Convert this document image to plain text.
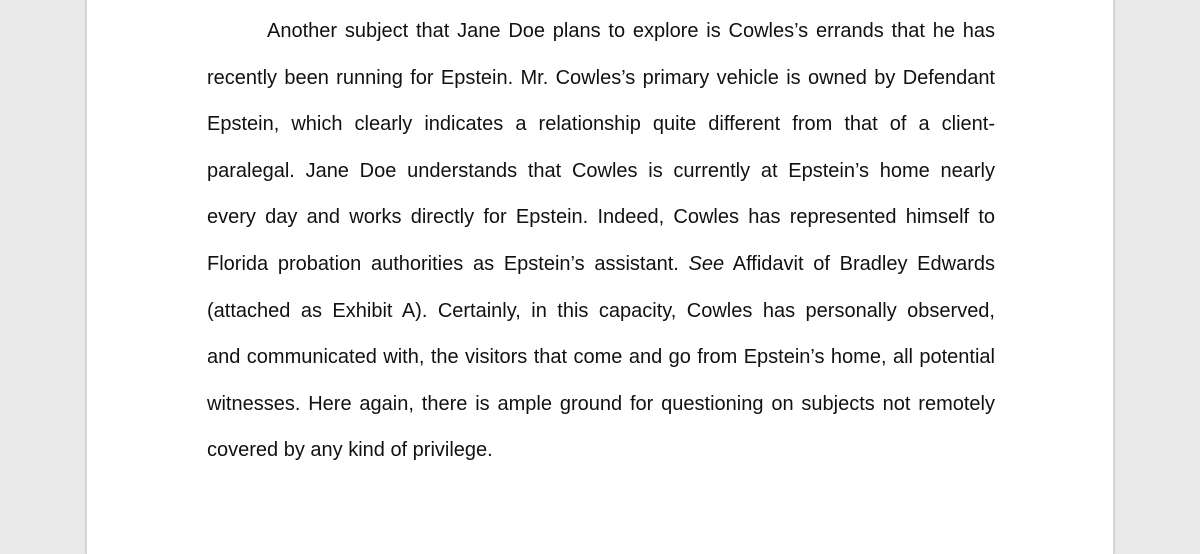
Another subject that Jane Doe plans to explore is Cowles’s errands that he has
recently been running for Epstein. Mr. Cowles’s primary vehicle is owned by Defendant
Epstein, which clearly indicates a relationship quite different from that of a client-
paralegal. Jane Doe understands that Cowles is currently at Epstein’s home nearly
every day and works directly for Epstein. Indeed, Cowles has represented himself to
Florida probation authorities as Epstein’s assistant. See Affidavit of Bradley Edwards
(attached as Exhibit A). Certainly, in this capacity, Cowles has personally observed,
and communicated with, the visitors that come and go from Epstein’s home, all potential
witnesses. Here again, there is ample ground for questioning on subjects not remotely
covered by any kind of privilege.
